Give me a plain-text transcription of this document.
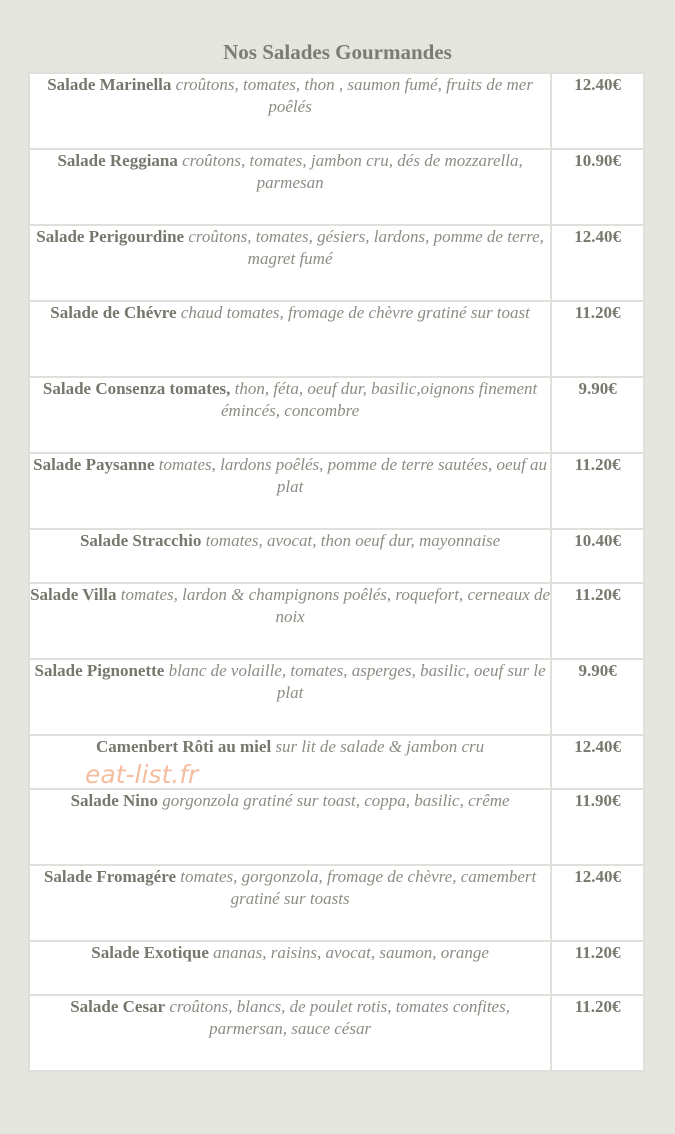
Nos Salades Gourmandes
Salade Marinella croûtons, tomates, thon , saumon fumé, fruits de mer poêlés	12.40€
Salade Reggiana croûtons, tomates, jambon cru, dés de mozzarella, parmesan	10.90€
Salade Perigourdine croûtons, tomates, gésiers, lardons, pomme de terre, magret fumé	12.40€
Salade de Chévre chaud tomates, fromage de chèvre gratiné sur toast	11.20€
Salade Consenza tomates, thon, féta, oeuf dur, basilic,oignons finement émincés, concombre	9.90€
Salade Paysanne tomates, lardons poêlés, pomme de terre sautées, oeuf au plat	11.20€
Salade Stracchio tomates, avocat, thon oeuf dur, mayonnaise	10.40€
Salade Villa tomates, lardon & champignons poêlés, roquefort, cerneaux de noix	11.20€
Salade Pignonette blanc de volaille, tomates, asperges, basilic, oeuf sur le plat	9.90€
Camenbert Rôti au miel sur lit de salade & jambon cru	12.40€
Salade Nino gorgonzola gratiné sur toast, coppa, basilic, crême	11.90€
Salade Fromagére tomates, gorgonzola, fromage de chèvre, camembert gratiné sur toasts	12.40€
Salade Exotique ananas, raisins, avocat, saumon, orange	11.20€
Salade Cesar croûtons, blancs, de poulet rotis, tomates confites, parmersan, sauce césar	11.20€
eat-list.fr
